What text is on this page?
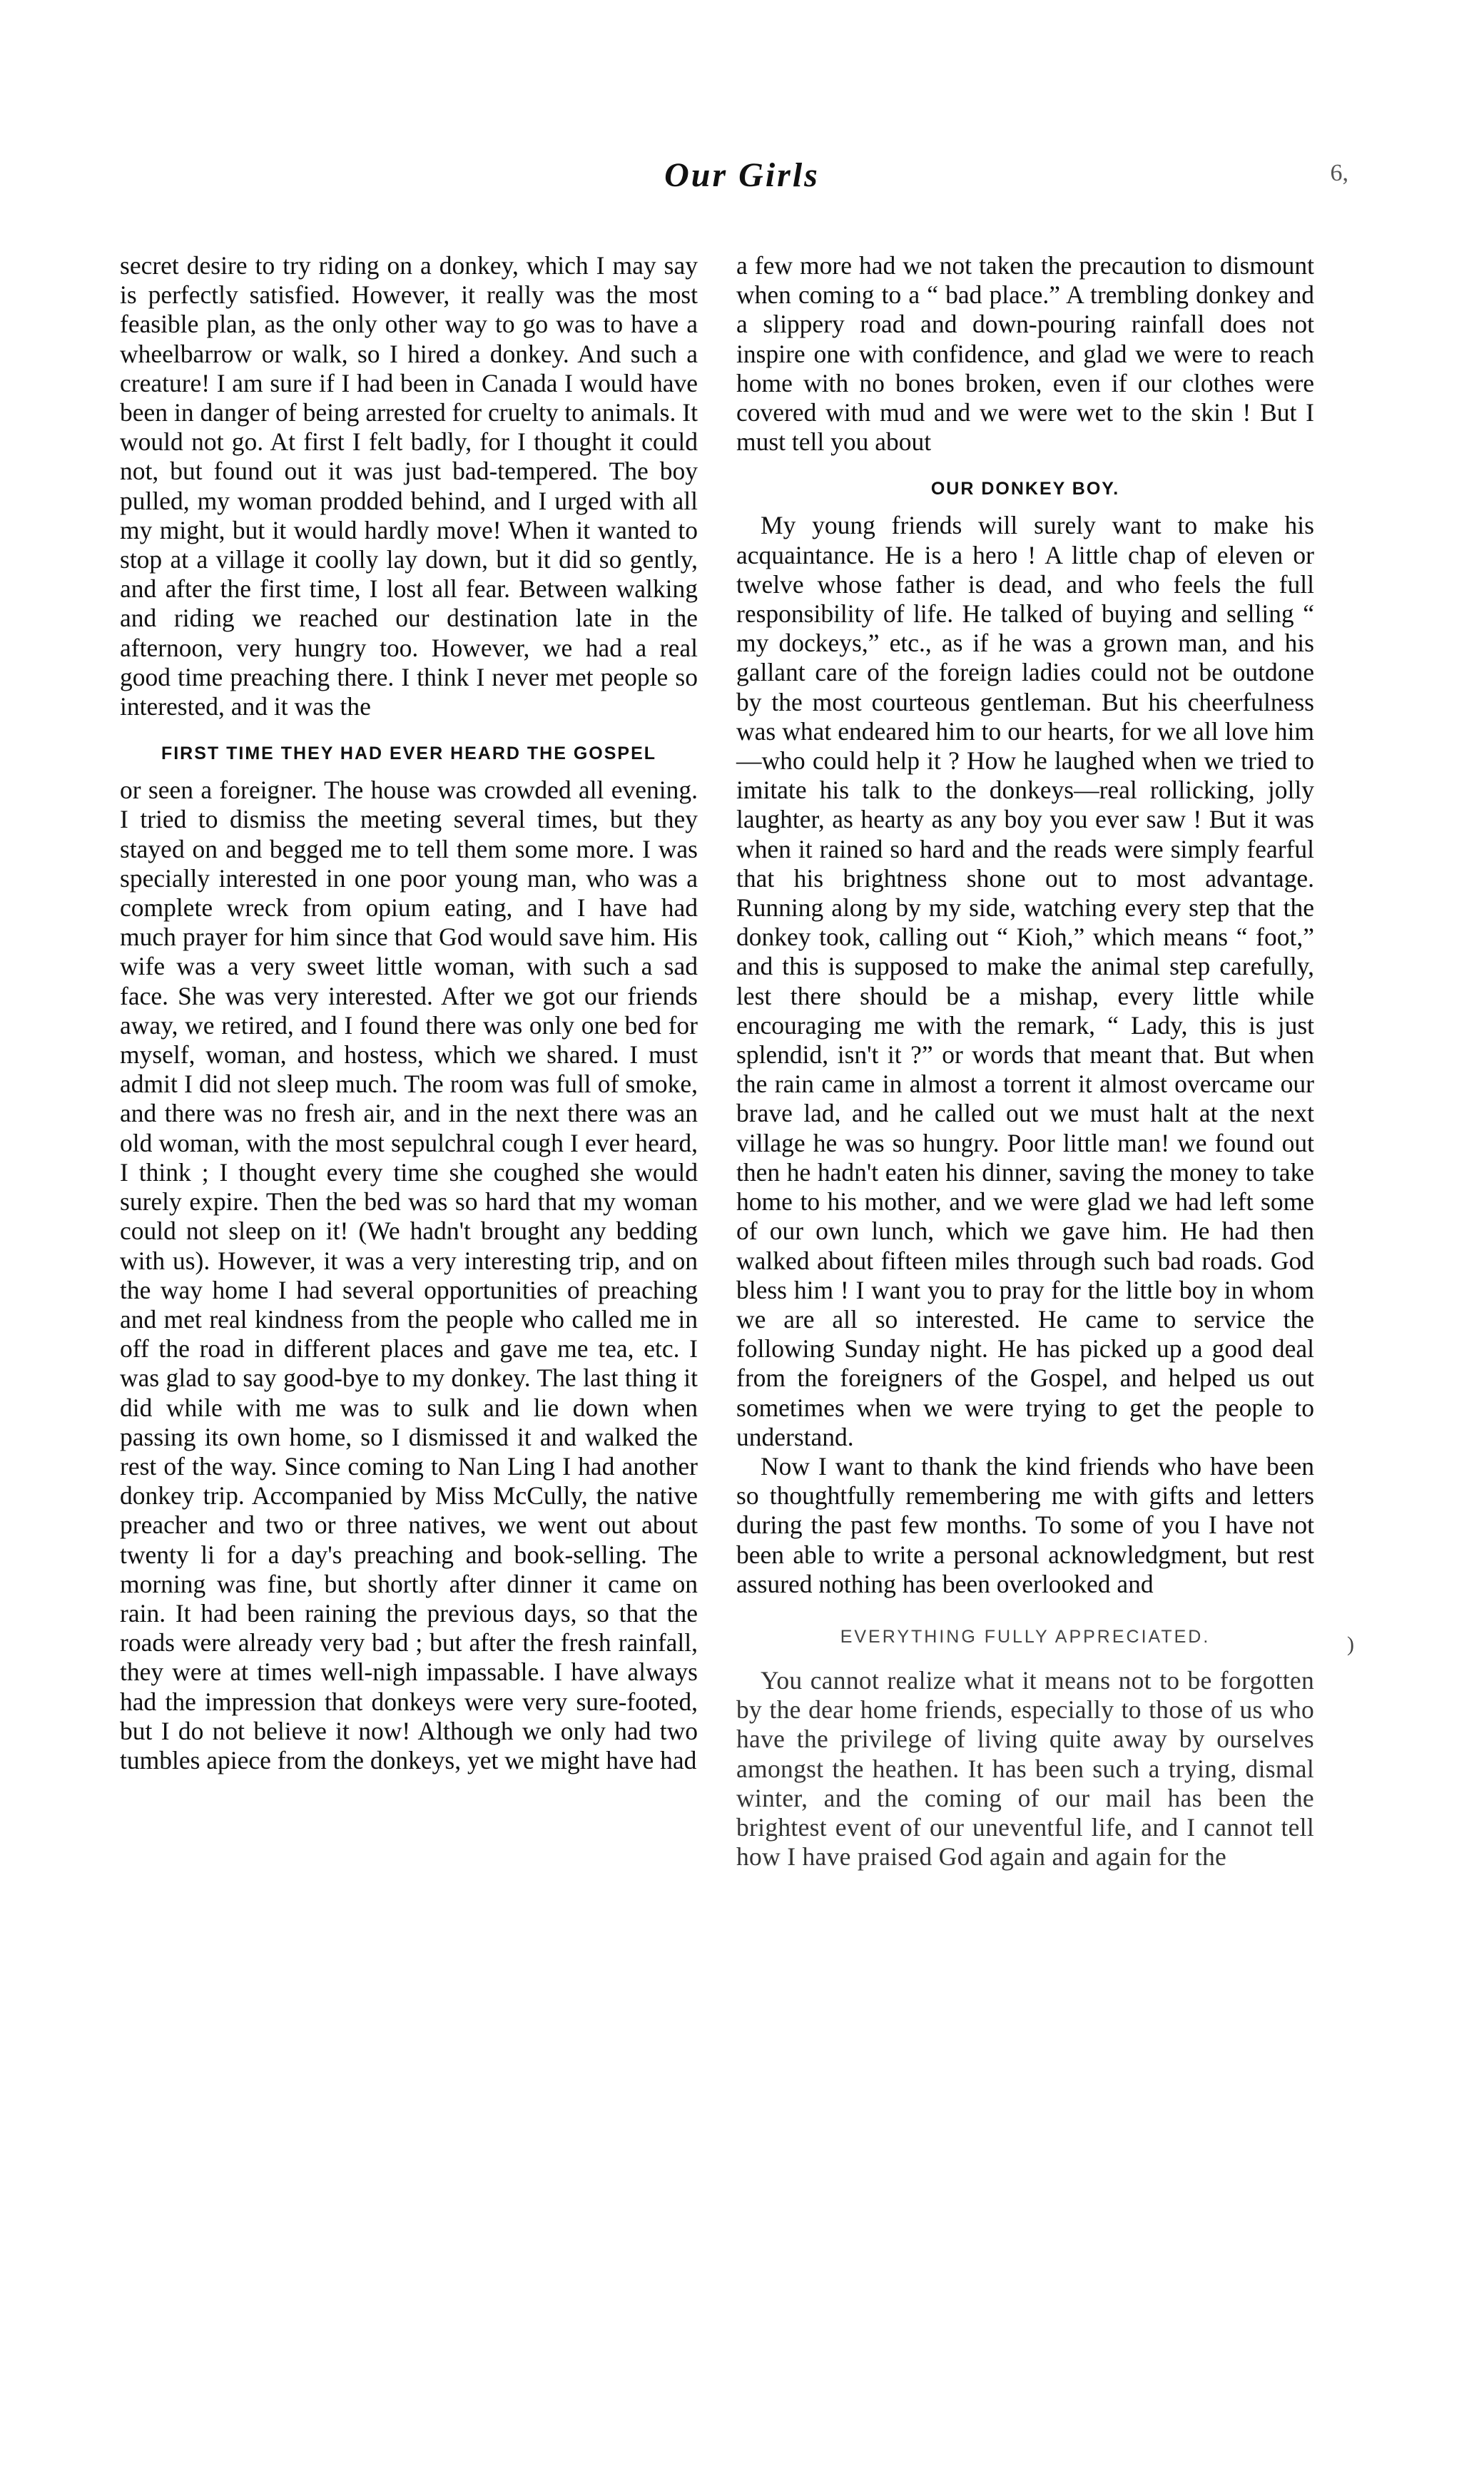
Our Girls	6,

secret desire to try riding on a donkey, which I may say is perfectly satisfied. However, it really was the most feasible plan, as the only other way to go was to have a wheelbarrow or walk, so I hired a donkey. And such a creature! I am sure if I had been in Canada I would have been in danger of being arrested for cruelty to animals. It would not go. At first I felt badly, for I thought it could not, but found out it was just bad-tempered. The boy pulled, my woman prodded behind, and I urged with all my might, but it would hardly move! When it wanted to stop at a village it coolly lay down, but it did so gently, and after the first time, I lost all fear. Between walking and riding we reached our destination late in the afternoon, very hungry too. However, we had a real good time preaching there. I think I never met people so interested, and it was the

FIRST TIME THEY HAD EVER HEARD THE GOSPEL

or seen a foreigner. The house was crowded all evening. I tried to dismiss the meeting several times, but they stayed on and begged me to tell them some more. I was specially interested in one poor young man, who was a complete wreck from opium eating, and I have had much prayer for him since that God would save him. His wife was a very sweet little woman, with such a sad face. She was very interested. After we got our friends away, we retired, and I found there was only one bed for myself, woman, and hostess, which we shared. I must admit I did not sleep much. The room was full of smoke, and there was no fresh air, and in the next there was an old woman, with the most sepulchral cough I ever heard, I think ; I thought every time she coughed she would surely expire. Then the bed was so hard that my woman could not sleep on it! (We hadn't brought any bedding with us). However, it was a very interesting trip, and on the way home I had several opportunities of preaching and met real kindness from the people who called me in off the road in different places and gave me tea, etc. I was glad to say good-bye to my donkey. The last thing it did while with me was to sulk and lie down when passing its own home, so I dismissed it and walked the rest of the way. Since coming to Nan Ling I had another donkey trip. Accompanied by Miss McCully, the native preacher and two or three natives, we went out about twenty li for a day's preaching and book-selling. The morning was fine, but shortly after dinner it came on rain. It had been raining the previous days, so that the roads were already very bad ; but after the fresh rainfall, they were at times well-nigh impassable. I have always had the impression that donkeys were very sure-footed, but I do not believe it now! Although we only had two tumbles apiece from the donkeys, yet we might have had

a few more had we not taken the precaution to dismount when coming to a “ bad place.” A trembling donkey and a slippery road and down-pouring rainfall does not inspire one with confidence, and glad we were to reach home with no bones broken, even if our clothes were covered with mud and we were wet to the skin ! But I must tell you about

OUR DONKEY BOY.

My young friends will surely want to make his acquaintance. He is a hero ! A little chap of eleven or twelve whose father is dead, and who feels the full responsibility of life. He talked of buying and selling “ my dockeys,” etc., as if he was a grown man, and his gallant care of the foreign ladies could not be outdone by the most courteous gentleman. But his cheerfulness was what endeared him to our hearts, for we all love him—who could help it ? How he laughed when we tried to imitate his talk to the donkeys—real rollicking, jolly laughter, as hearty as any boy you ever saw ! But it was when it rained so hard and the reads were simply fearful that his brightness shone out to most advantage. Running along by my side, watching every step that the donkey took, calling out “ Kioh,” which means “ foot,” and this is supposed to make the animal step carefully, lest there should be a mishap, every little while encouraging me with the remark, “ Lady, this is just splendid, isn't it ?” or words that meant that. But when the rain came in almost a torrent it almost overcame our brave lad, and he called out we must halt at the next village he was so hungry. Poor little man! we found out then he hadn't eaten his dinner, saving the money to take home to his mother, and we were glad we had left some of our own lunch, which we gave him. He had then walked about fifteen miles through such bad roads. God bless him ! I want you to pray for the little boy in whom we are all so interested. He came to service the following Sunday night. He has picked up a good deal from the foreigners of the Gospel, and helped us out sometimes when we were trying to get the people to understand.

Now I want to thank the kind friends who have been so thoughtfully remembering me with gifts and letters during the past few months. To some of you I have not been able to write a personal acknowledgment, but rest assured nothing has been overlooked and

EVERYTHING FULLY APPRECIATED.

You cannot realize what it means not to be forgotten by the dear home friends, especially to those of us who have the privilege of living quite away by ourselves amongst the heathen. It has been such a trying, dismal winter, and the coming of our mail has been the brightest event of our uneventful life, and I cannot tell how I have praised God again and again for the

)
